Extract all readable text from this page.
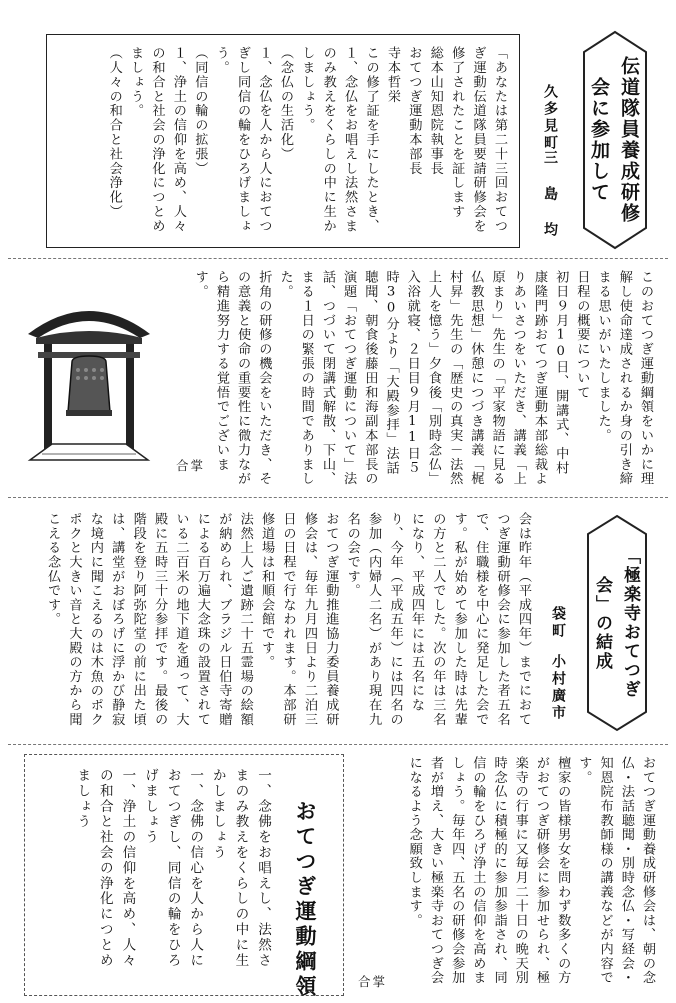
伝道隊員養成研修会に参加して
久多見町
三 島 均
「あなたは第二十三回おてつぎ運動伝道隊員要請研修会を修了されたことを証します
総本山知恩院執事長
おてつぎ運動本部長
寺本哲栄
この修了証を手にしたとき、
１、念仏をお唱えし法然さまのみ教えをくらしの中に生かしましょう。
（念仏の生活化）
１、念仏を人から人におてつぎし同信の輪をひろげましょう。
（同信の輪の拡張）
１、浄土の信仰を高め、人々の和合と社会の浄化につとめましょう。
（人々の和合と社会浄化）
このおてつぎ運動綱領をいかに理解し使命達成されるか身の引き締まる思いがいたしました。
日程の概要について
初日９月10日、開講式、中村康隆門跡おてつぎ運動本部総裁よりあいさつをいただき、講義「上原まり」先生の「平家物語に見る仏教思想」休憩につづき講義「梶村昇」先生の「歴史の真実－法然上人を憶う」夕食後「別時念仏」入浴就寝、２日目９月11日５時30分より「大殿参拝」法話聴聞、朝食後藤田和海副本部長の演題「おてつぎ運動について」法話、つづいて閉講式解散、下山、まる１日の緊張の時間でありました。
折角の研修の機会をいただき、その意義と使命の重要性に微力ながら精進努力する覚悟でございます。
合掌
「極楽寺おてつぎ会」の結成
袋町
小村廣市
会は昨年（平成四年）までにおてつぎ運動研修会に参加した者五名で、住職様を中心に発足した会です。私が始めて参加した時は先輩の方と二人でした。次の年は三名になり、平成四年には五名になり、今年（平成五年）には四名の参加（内婦人二名）があり現在九名の会です。
おてつぎ運動推進協力委員養成研修会は、毎年九月四日より二泊三日の日程で行なわれます。本部研修道場は和順会館です。
法然上人ご遺跡二十五霊場の絵額が納められ、ブラジル日伯寺寄贈による百万遍大念珠の設置されている二百米の地下道を通って、大殿に五時三十分参拝です。最後の階段を登り阿弥陀堂の前に出た頃は、講堂がおぼろげに浮かび静寂な境内に聞こえるのは木魚のポクポクと大きい音と大殿の方から聞こえる念仏です。
おてつぎ運動養成研修会は、朝の念仏・法話聴聞・別時念仏・写経会・知恩院布教師様の講義などが内容です。
檀家の皆様男女を問わず数多くの方がおてつぎ研修会に参加せられ、極楽寺の行事に又毎月二十日の晩天別時念仏に積極的に参加参詣され、同信の輪をひろげ浄土の信仰を高めましょう。毎年四、五名の研修会参加者が増え、大きい極楽寺おてつぎ会になるよう念願致します。
合掌
おてつぎ運動綱領
一、念佛をお唱えし、法然さまのみ教えをくらしの中に生かしましょう
一、念佛の信心を人から人におてつぎし、同信の輪をひろげましょう
一、浄土の信仰を高め、人々の和合と社会の浄化につとめましょう
